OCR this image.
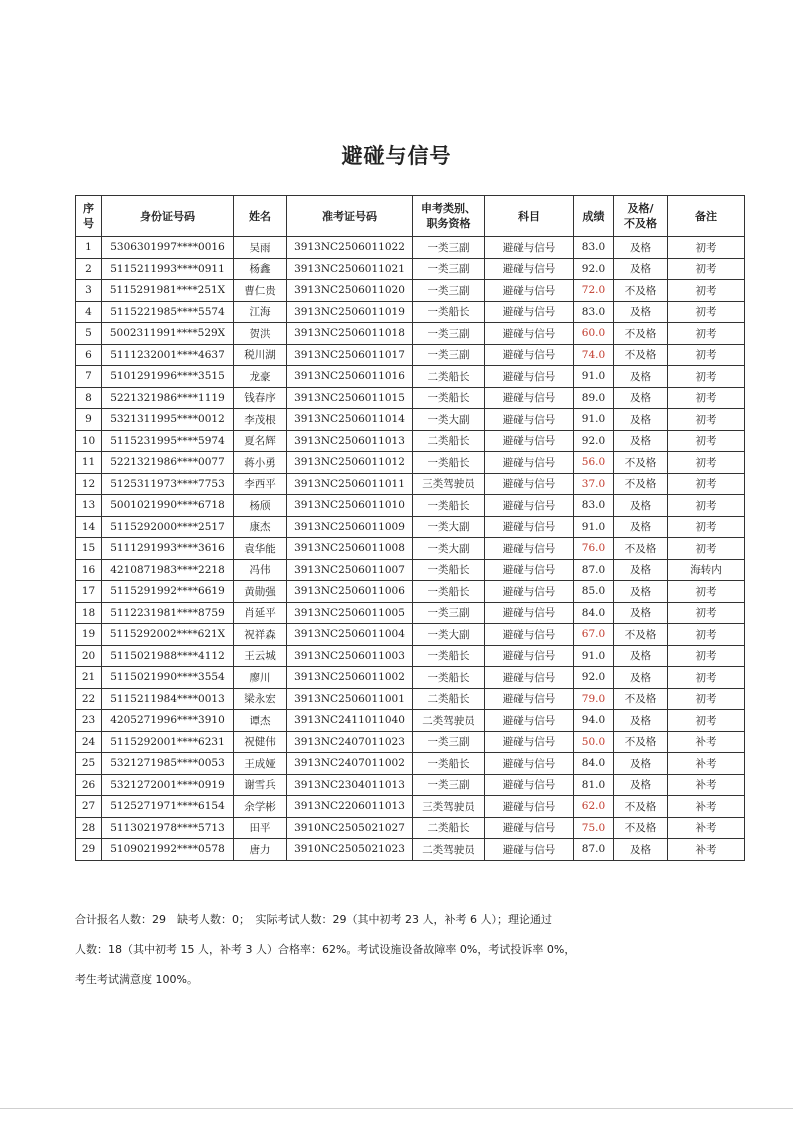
避碰与信号
序
号	身份证号码	姓名	准考证号码	申考类别、
职务资格	科目	成绩	及格/
不及格	备注
1	5306301997****0016	吴雨	3913NC2506011022	一类三副	避碰与信号	83.0	及格	初考
2	5115211993****0911	杨鑫	3913NC2506011021	一类三副	避碰与信号	92.0	及格	初考
3	5115291981****251X	曹仁贵	3913NC2506011020	一类三副	避碰与信号	72.0	不及格	初考
4	5115221985****5574	江海	3913NC2506011019	一类船长	避碰与信号	83.0	及格	初考
5	5002311991****529X	贺洪	3913NC2506011018	一类三副	避碰与信号	60.0	不及格	初考
6	5111232001****4637	税川湖	3913NC2506011017	一类三副	避碰与信号	74.0	不及格	初考
7	5101291996****3515	龙豪	3913NC2506011016	二类船长	避碰与信号	91.0	及格	初考
8	5221321986****1119	钱春序	3913NC2506011015	一类船长	避碰与信号	89.0	及格	初考
9	5321311995****0012	李茂根	3913NC2506011014	一类大副	避碰与信号	91.0	及格	初考
10	5115231995****5974	夏名辉	3913NC2506011013	二类船长	避碰与信号	92.0	及格	初考
11	5221321986****0077	蒋小勇	3913NC2506011012	一类船长	避碰与信号	56.0	不及格	初考
12	5125311973****7753	李西平	3913NC2506011011	三类驾驶员	避碰与信号	37.0	不及格	初考
13	5001021990****6718	杨颀	3913NC2506011010	一类船长	避碰与信号	83.0	及格	初考
14	5115292000****2517	康杰	3913NC2506011009	一类大副	避碰与信号	91.0	及格	初考
15	5111291993****3616	袁华能	3913NC2506011008	一类大副	避碰与信号	76.0	不及格	初考
16	4210871983****2218	冯伟	3913NC2506011007	一类船长	避碰与信号	87.0	及格	海转内
17	5115291992****6619	黄勋强	3913NC2506011006	一类船长	避碰与信号	85.0	及格	初考
18	5112231981****8759	肖延平	3913NC2506011005	一类三副	避碰与信号	84.0	及格	初考
19	5115292002****621X	祝祥森	3913NC2506011004	一类大副	避碰与信号	67.0	不及格	初考
20	5115021988****4112	王云城	3913NC2506011003	一类船长	避碰与信号	91.0	及格	初考
21	5115021990****3554	廖川	3913NC2506011002	一类船长	避碰与信号	92.0	及格	初考
22	5115211984****0013	梁永宏	3913NC2506011001	二类船长	避碰与信号	79.0	不及格	初考
23	4205271996****3910	谭杰	3913NC2411011040	二类驾驶员	避碰与信号	94.0	及格	初考
24	5115292001****6231	祝健伟	3913NC2407011023	一类三副	避碰与信号	50.0	不及格	补考
25	5321271985****0053	王成娅	3913NC2407011002	一类船长	避碰与信号	84.0	及格	补考
26	5321272001****0919	谢雪兵	3913NC2304011013	一类三副	避碰与信号	81.0	及格	补考
27	5125271971****6154	余学彬	3913NC2206011013	三类驾驶员	避碰与信号	62.0	不及格	补考
28	5113021978****5713	田平	3910NC2505021027	二类船长	避碰与信号	75.0	不及格	补考
29	5109021992****0578	唐力	3910NC2505021023	二类驾驶员	避碰与信号	87.0	及格	补考

合计报名人数：29　缺考人数：0；　实际考试人数：29（其中初考 23 人，补考 6 人）；理论通过

人数：18（其中初考 15 人，补考 3 人）合格率：62%。考试设施设备故障率 0%，考试投诉率 0%，

考生考试满意度 100%。
